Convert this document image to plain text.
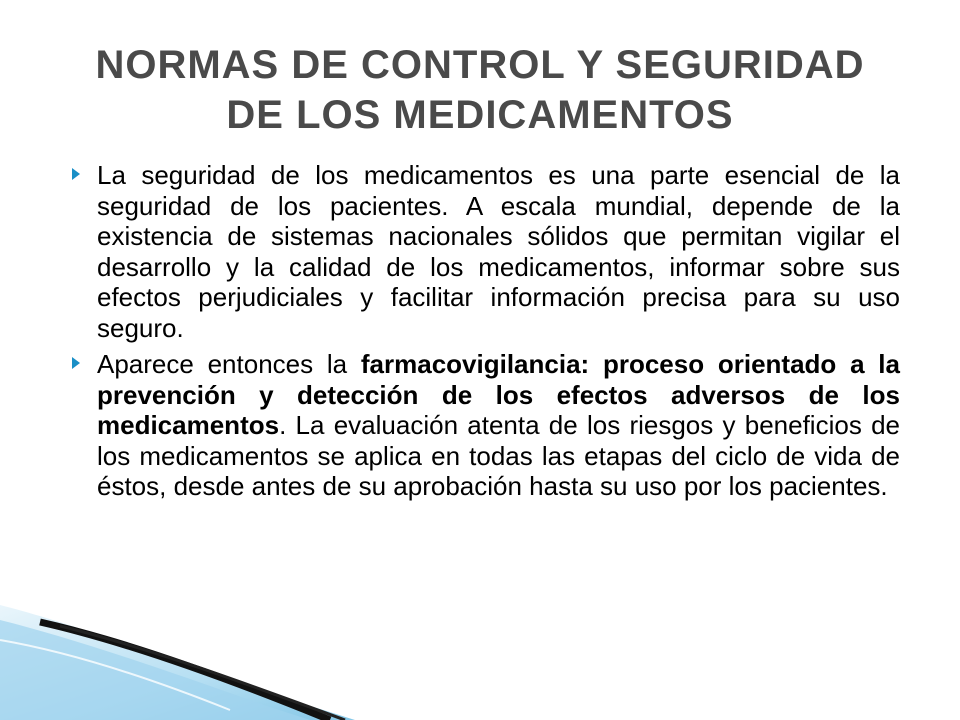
NORMAS DE CONTROL Y SEGURIDAD
DE LOS MEDICAMENTOS
La seguridad de los medicamentos es una parte esencial de la seguridad de los pacientes. A escala mundial, depende de la existencia de sistemas nacionales sólidos que permitan vigilar el desarrollo y la calidad de los medicamentos, informar sobre sus efectos perjudiciales y facilitar información precisa para su uso seguro.
Aparece entonces la farmacovigilancia: proceso orientado a la prevención y detección de los efectos adversos de los medicamentos. La evaluación atenta de los riesgos y beneficios de los medicamentos se aplica en todas las etapas del ciclo de vida de éstos, desde antes de su aprobación hasta su uso por los pacientes.
